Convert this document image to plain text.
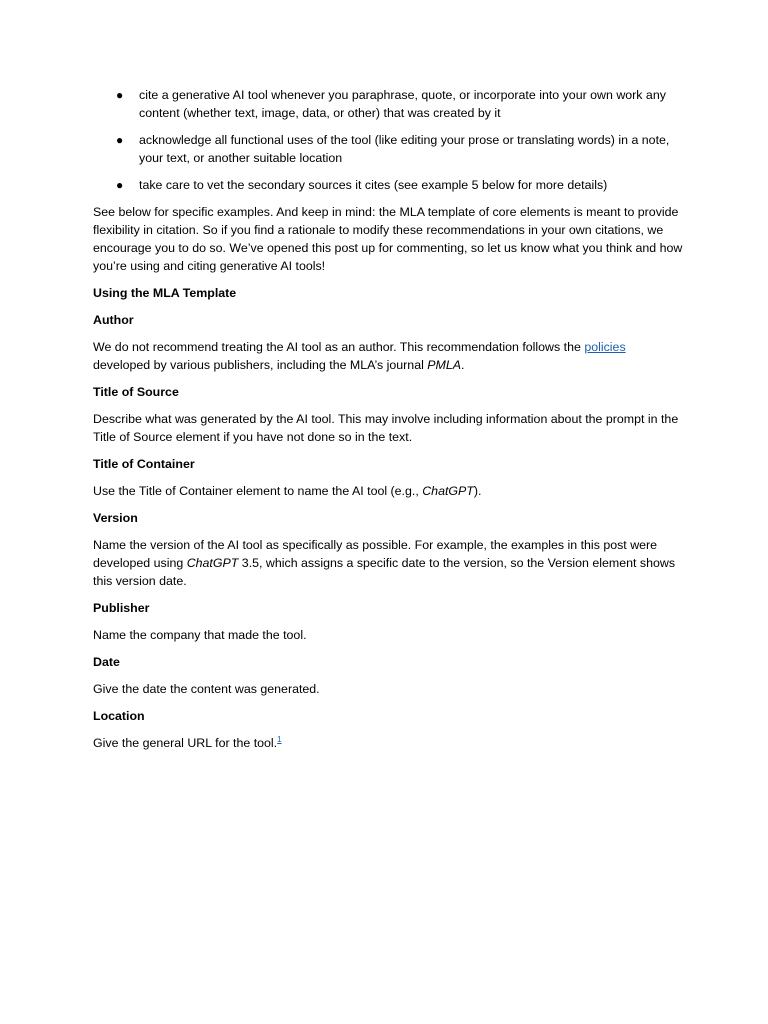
● cite a generative AI tool whenever you paraphrase, quote, or incorporate into your own work any content (whether text, image, data, or other) that was created by it
● acknowledge all functional uses of the tool (like editing your prose or translating words) in a note, your text, or another suitable location
● take care to vet the secondary sources it cites (see example 5 below for more details)

See below for specific examples. And keep in mind: the MLA template of core elements is meant to provide flexibility in citation. So if you find a rationale to modify these recommendations in your own citations, we encourage you to do so. We’ve opened this post up for commenting, so let us know what you think and how you’re using and citing generative AI tools!

Using the MLA Template
Author

We do not recommend treating the AI tool as an author. This recommendation follows the policies developed by various publishers, including the MLA’s journal PMLA.

Title of Source

Describe what was generated by the AI tool. This may involve including information about the prompt in the Title of Source element if you have not done so in the text.

Title of Container

Use the Title of Container element to name the AI tool (e.g., ChatGPT).

Version

Name the version of the AI tool as specifically as possible. For example, the examples in this post were developed using ChatGPT 3.5, which assigns a specific date to the version, so the Version element shows this version date.

Publisher

Name the company that made the tool.

Date

Give the date the content was generated.

Location

Give the general URL for the tool.$^1$
